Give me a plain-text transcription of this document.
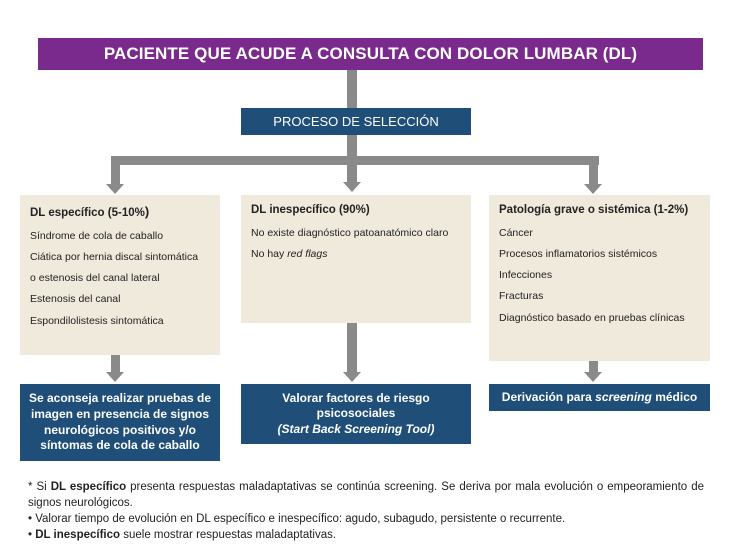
PACIENTE QUE ACUDE A CONSULTA CON DOLOR LUMBAR (DL)
PROCESO DE SELECCIÓN
DL específico (5-10%)
Síndrome de cola de caballo
Ciática por hernia discal sintomática
o estenosis del canal lateral
Estenosis del canal
Espondilolistesis sintomática
DL inespecífico (90%)
No existe diagnóstico patoanatómico claro
No hay red flags
Patología grave o sistémica (1-2%)
Cáncer
Procesos inflamatorios sistémicos
Infecciones
Fracturas
Diagnóstico basado en pruebas clínicas
Se aconseja realizar pruebas de
imagen en presencia de signos
neurológicos positivos y/o
síntomas de cola de caballo
Valorar factores de riesgo
psicosociales
(Start Back Screening Tool)
Derivación para screening médico

* Si DL específico presenta respuestas maladaptativas se continúa screening. Se deriva por mala evolución o empeoramiento de signos neurológicos.

• Valorar tiempo de evolución en DL específico e inespecífico: agudo, subagudo, persistente o recurrente.

• DL inespecífico suele mostrar respuestas maladaptativas.
